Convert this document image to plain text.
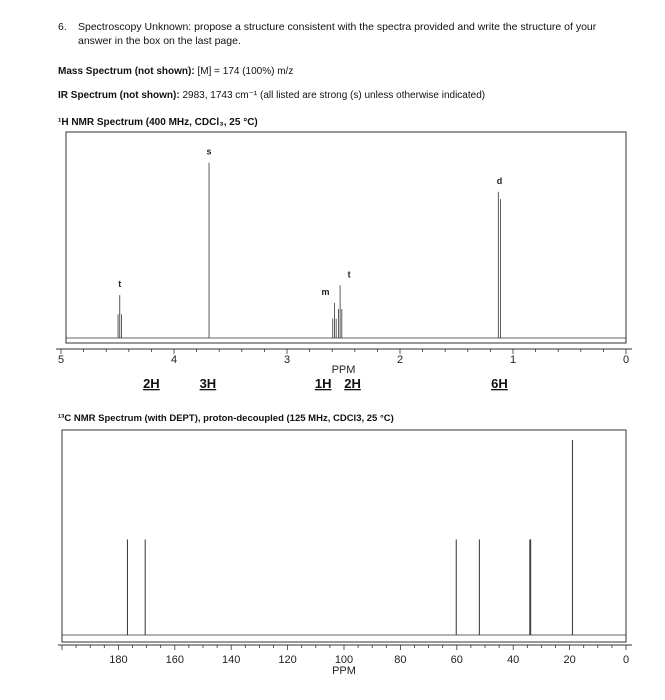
6. Spectroscopy Unknown: propose a structure consistent with the spectra provided and write the structure of your answer in the box on the last page.
Mass Spectrum (not shown): [M] = 174 (100%) m/z
IR Spectrum (not shown): 2983, 1743 cm⁻¹ (all listed are strong (s) unless otherwise indicated)
¹H NMR Spectrum (400 MHz, CDCl₃, 25 °C)
¹³C NMR Spectrum (with DEPT), proton-decoupled (125 MHz, CDCl3, 25 °C)
5	4	3	2	1	0
PPM
t
2H
s
3H
m
1H
t
2H
d
6H
180	160	140	120	100	80	60	40	20	0
PPM
